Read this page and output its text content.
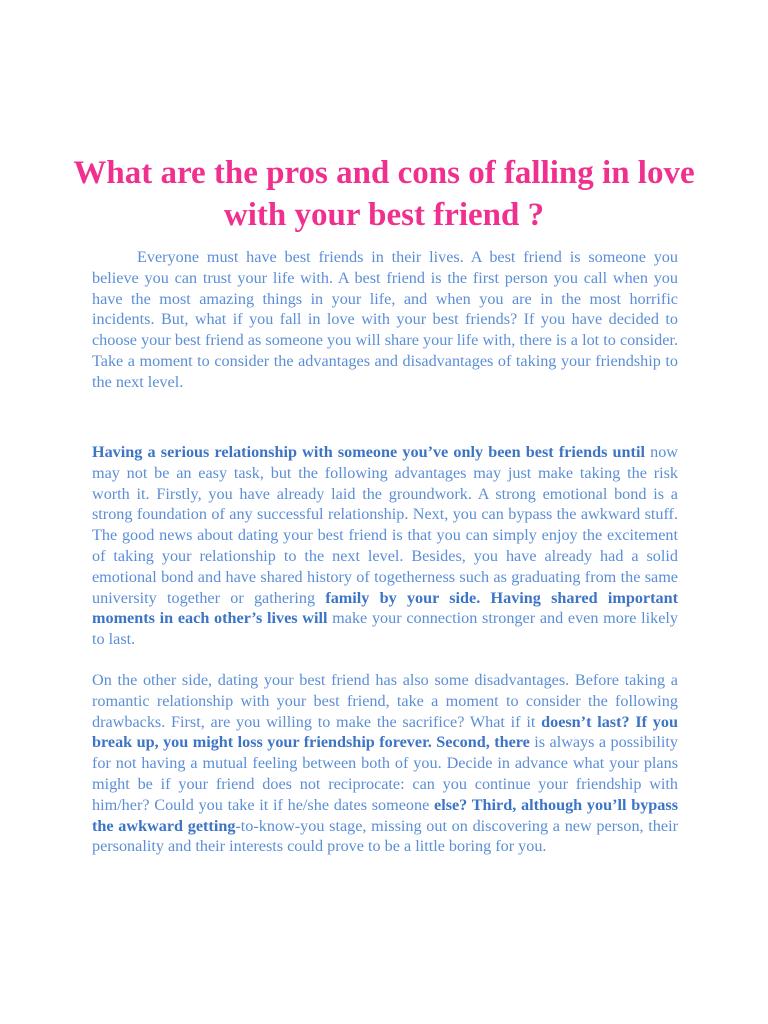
What are the pros and cons of falling in love with your best friend ?

Everyone must have best friends in their lives. A best friend is someone you believe you can trust your life with. A best friend is the first person you call when you have the most amazing things in your life, and when you are in the most horrific incidents. But, what if you fall in love with your best friends? If you have decided to choose your best friend as someone you will share your life with, there is a lot to consider. Take a moment to consider the advantages and disadvantages of taking your friendship to the next level.

Having a serious relationship with someone you’ve only been best friends until now may not be an easy task, but the following advantages may just make taking the risk worth it. Firstly, you have already laid the groundwork. A strong emotional bond is a strong foundation of any successful relationship. Next, you can bypass the awkward stuff. The good news about dating your best friend is that you can simply enjoy the excitement of taking your relationship to the next level. Besides, you have already had a solid emotional bond and have shared history of togetherness such as graduating from the same university together or gathering family by your side. Having shared important moments in each other’s lives will make your connection stronger and even more likely to last.

On the other side, dating your best friend has also some disadvantages. Before taking a romantic relationship with your best friend, take a moment to consider the following drawbacks. First, are you willing to make the sacrifice? What if it doesn’t last? If you break up, you might loss your friendship forever. Second, there is always a possibility for not having a mutual feeling between both of you. Decide in advance what your plans might be if your friend does not reciprocate: can you continue your friendship with him/her? Could you take it if he/she dates someone else? Third, although you’ll bypass the awkward getting-to-know-you stage, missing out on discovering a new person, their personality and their interests could prove to be a little boring for you.
